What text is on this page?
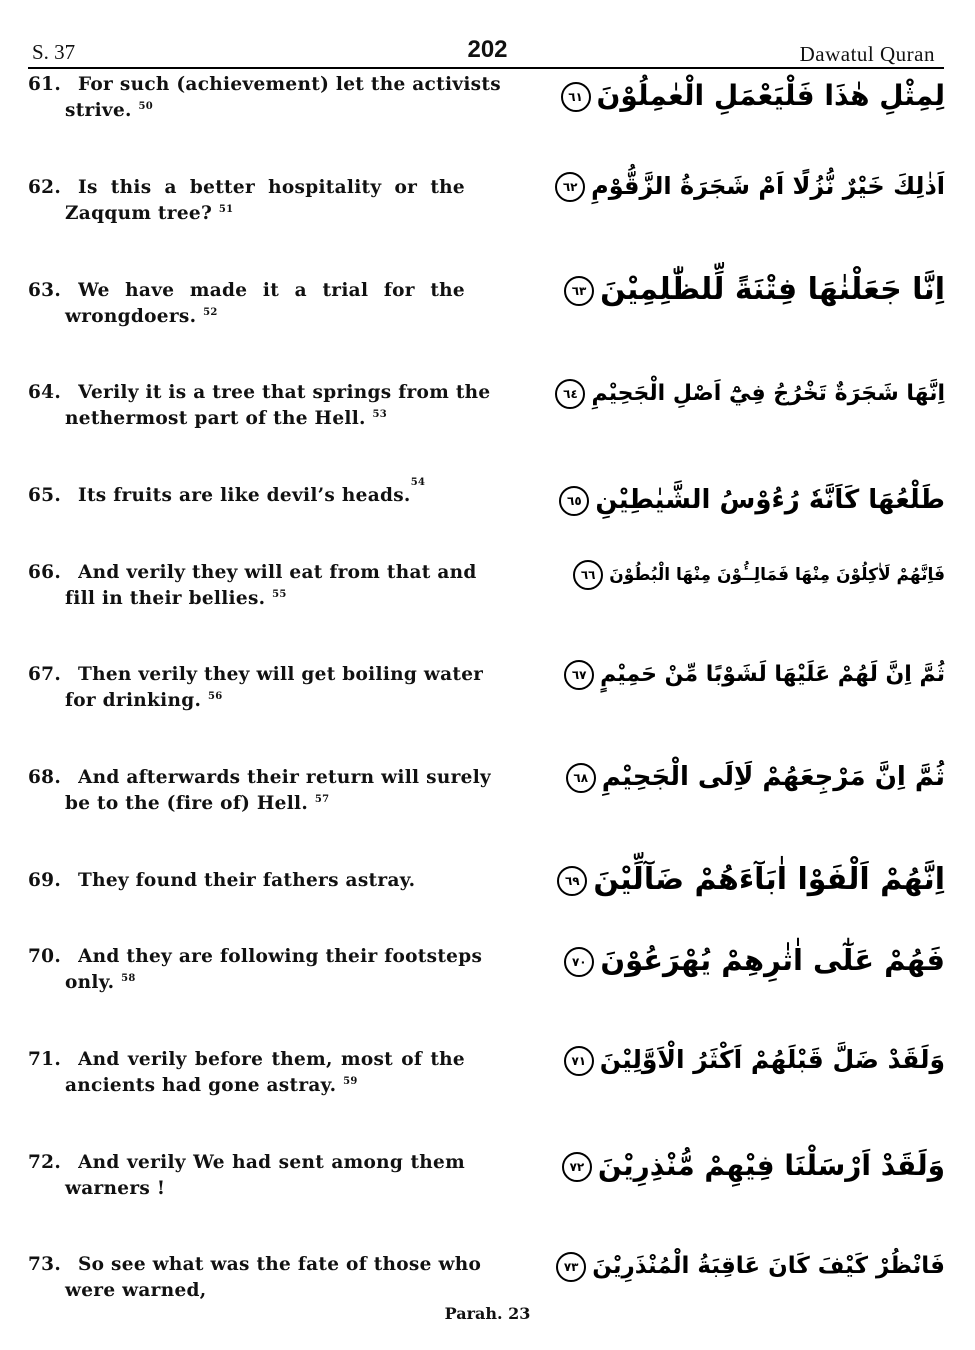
S. 37	202	Dawatul Quran
61. For such (achievement) let the activists
strive. $^{50}$	لِمِثْلِ هٰذَا فَلْيَعْمَلِ الْعٰمِلُوْنَ٦١
62. Is this a better hospitality or the
Zaqqum tree? $^{51}$
اَذٰلِكَ خَيْرٌ نُّزُلًا اَمْ شَجَرَةُ الزَّقُّوْمِ٦٢
63. We have made it a trial for the
wrongdoers. $^{52}$
اِنَّا جَعَلْنٰهَا فِتْنَةً لِّلظّٰلِمِيْنَ٦٣
64. Verily it is a tree that springs from the
nethermost part of the Hell. $^{53}$
اِنَّهَا شَجَرَةٌ تَخْرُجُ فِيْٓ اَصْلِ الْجَحِيْمِ٦٤
65. Its fruits are like devil’s heads.
54
طَلْعُهَا كَاَنَّهٗ رُءُوْسُ الشَّيٰطِيْنِ٦٥
66. And verily they will eat from that and
fill in their bellies. $^{55}$
فَاِنَّهُمْ لَاٰكِلُوْنَ مِنْهَا فَمَالِــُٔوْنَ مِنْهَا الْبُطُوْنَ٦٦
67. Then verily they will get boiling water
for drinking. $^{56}$
ثُمَّ اِنَّ لَهُمْ عَلَيْهَا لَشَوْبًا مِّنْ حَمِيْمٍ٦٧
68. And afterwards their return will surely
be to the (fire of) Hell. $^{57}$
ثُمَّ اِنَّ مَرْجِعَهُمْ لَاِلَى الْجَحِيْمِ٦٨
69. They found their fathers astray.	اِنَّهُمْ اَلْفَوْا اٰبَآءَهُمْ ضَآلِّيْنَ٦٩
70. And they are following their footsteps
only. $^{58}$
فَهُمْ عَلٰٓى اٰثٰرِهِمْ يُهْرَعُوْنَ٧٠
71. And verily before them, most of the
ancients had gone astray. $^{59}$
وَلَقَدْ ضَلَّ قَبْلَهُمْ اَكْثَرُ الْاَوَّلِيْنَ٧١
72. And verily We had sent among them
warners !
وَلَقَدْ اَرْسَلْنَا فِيْهِمْ مُّنْذِرِيْنَ٧٢
73. So see what was the fate of those who
were warned,
فَانْظُرْ كَيْفَ كَانَ عَاقِبَةُ الْمُنْذَرِيْنَ٧٣
Parah. 23
